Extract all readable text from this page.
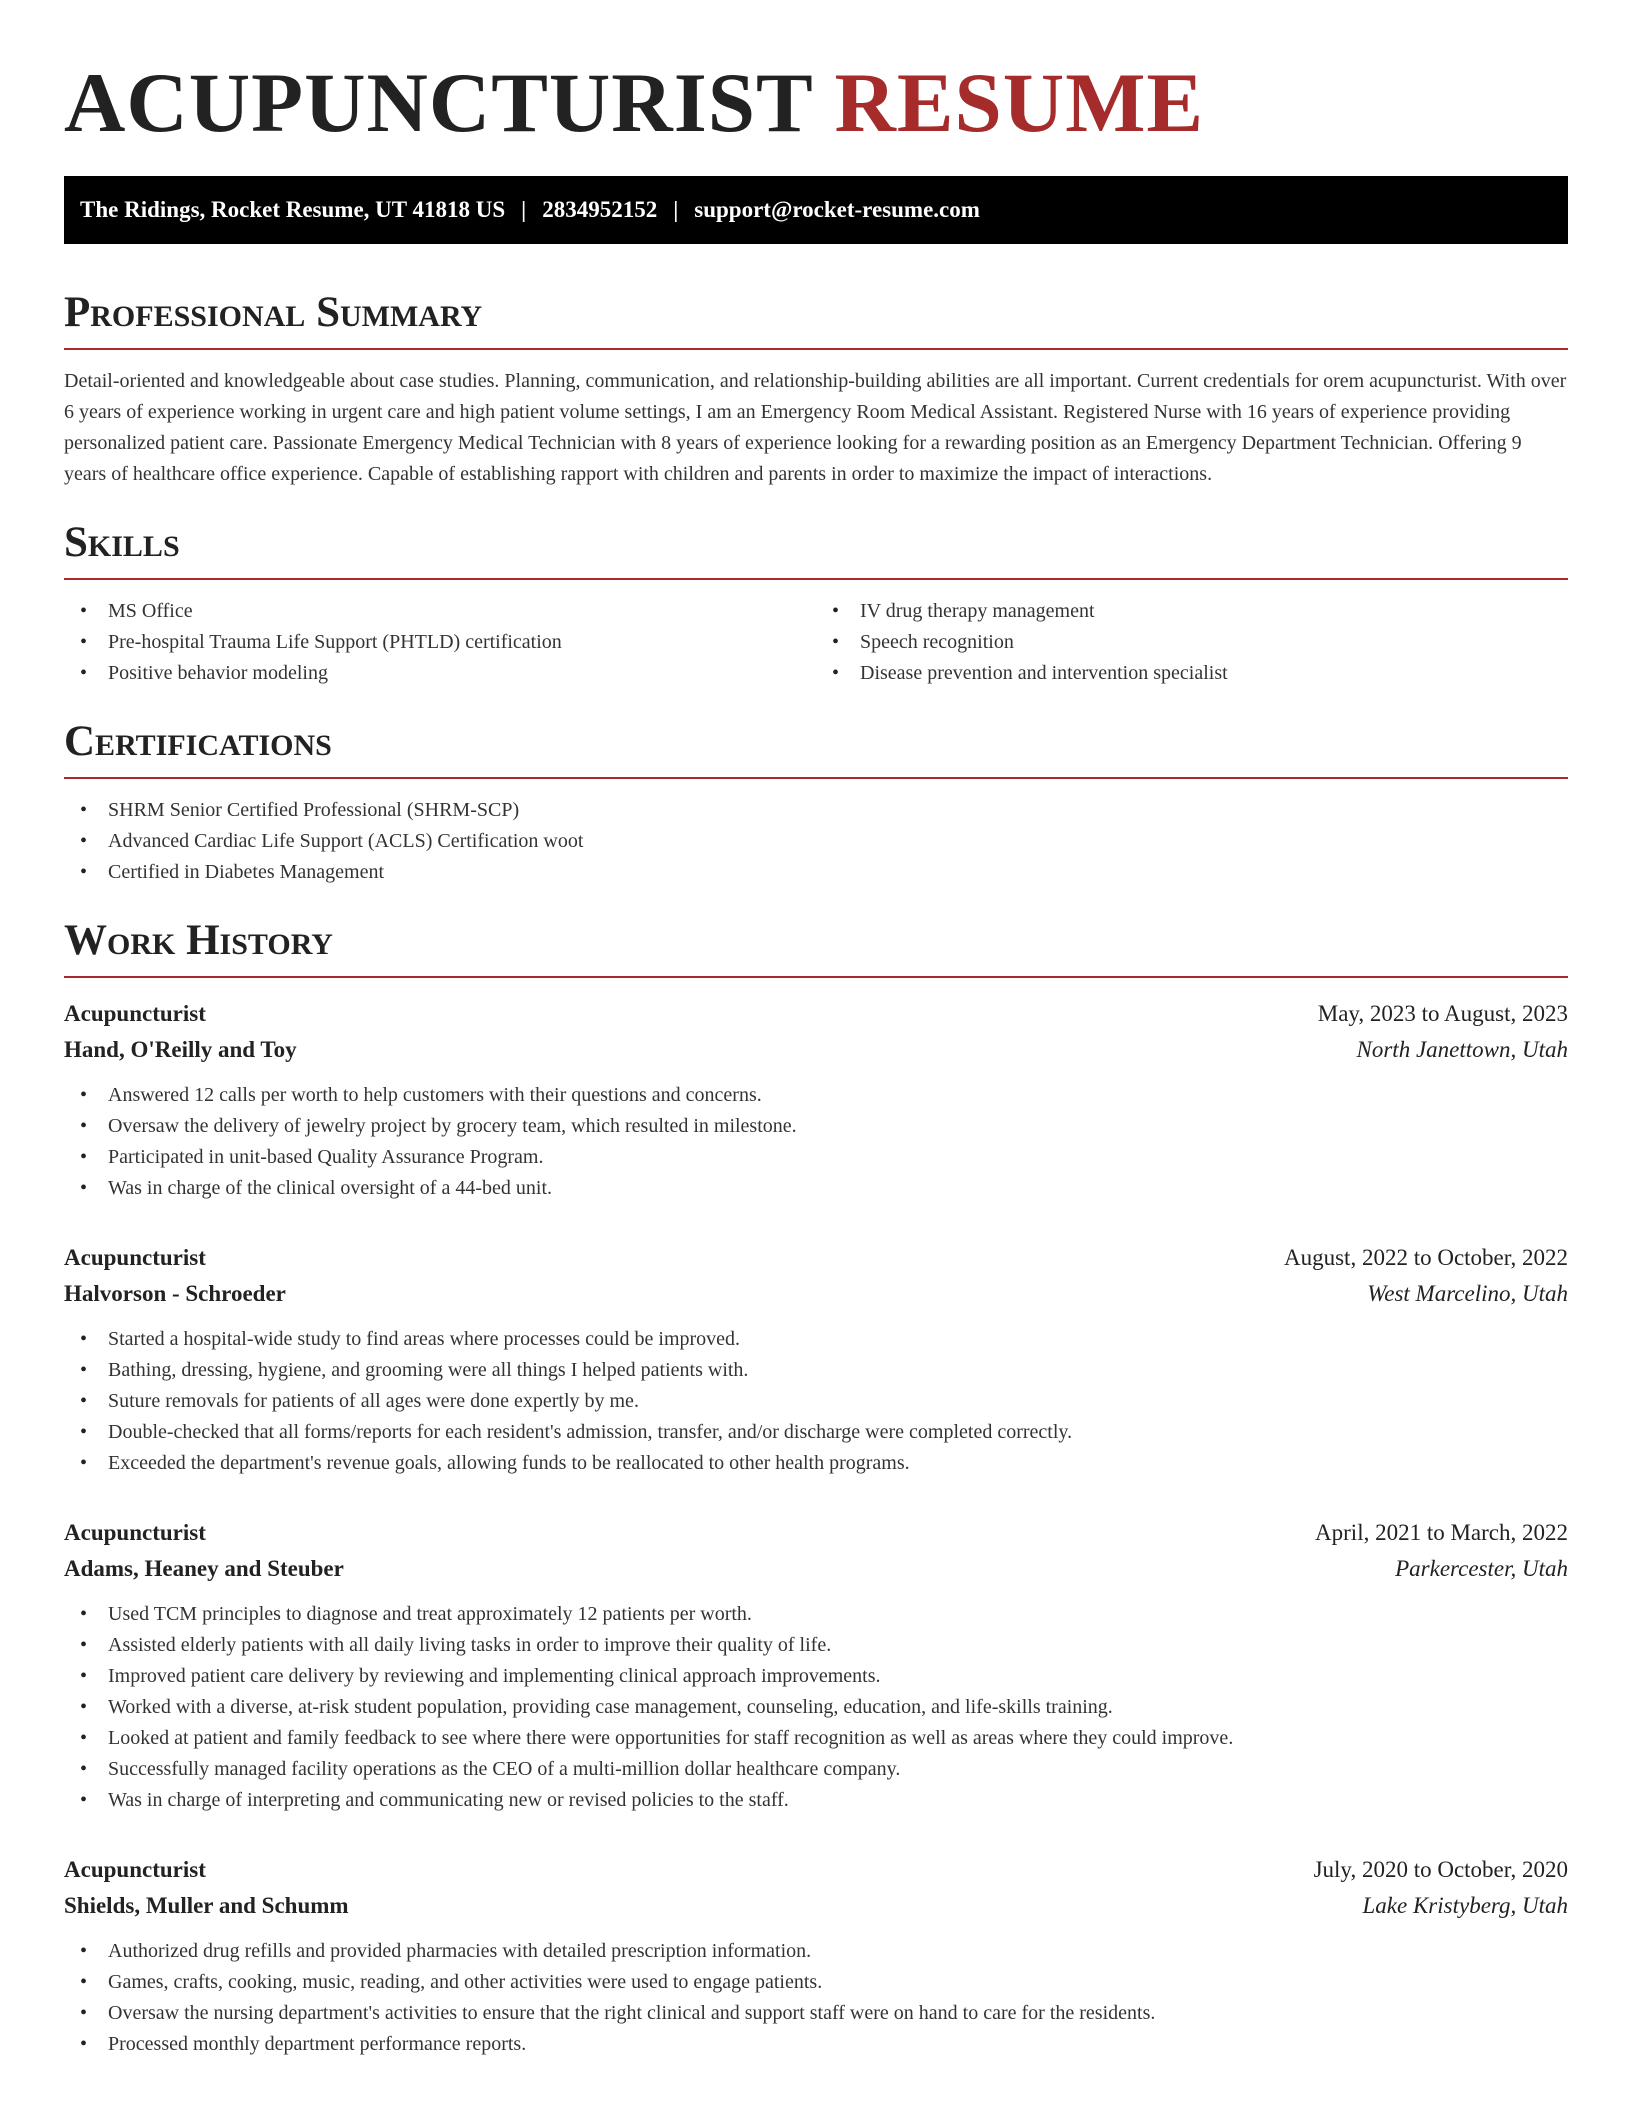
ACUPUNCTURIST RESUME
The Ridings, Rocket Resume, UT 41818 US | 2834952152 | support@rocket-resume.com
Professional Summary

Detail-oriented and knowledgeable about case studies. Planning, communication, and relationship-building abilities are all important. Current credentials for orem acupuncturist. With over 6 years of experience working in urgent care and high patient volume settings, I am an Emergency Room Medical Assistant. Registered Nurse with 16 years of experience providing personalized patient care. Passionate Emergency Medical Technician with 8 years of experience looking for a rewarding position as an Emergency Department Technician. Offering 9 years of healthcare office experience. Capable of establishing rapport with children and parents in order to maximize the impact of interactions.

Skills
• MS Office
• Pre-hospital Trauma Life Support (PHTLD) certification
• Positive behavior modeling
• IV drug therapy management
• Speech recognition
• Disease prevention and intervention specialist
Certifications
• SHRM Senior Certified Professional (SHRM-SCP)
• Advanced Cardiac Life Support (ACLS) Certification woot
• Certified in Diabetes Management
Work History
Acupuncturist	May, 2023 to August, 2023
Hand, O'Reilly and Toy	North Janettown, Utah
• Answered 12 calls per worth to help customers with their questions and concerns.
• Oversaw the delivery of jewelry project by grocery team, which resulted in milestone.
• Participated in unit-based Quality Assurance Program.
• Was in charge of the clinical oversight of a 44-bed unit.
Acupuncturist	August, 2022 to October, 2022
Halvorson - Schroeder	West Marcelino, Utah
• Started a hospital-wide study to find areas where processes could be improved.
• Bathing, dressing, hygiene, and grooming were all things I helped patients with.
• Suture removals for patients of all ages were done expertly by me.
• Double-checked that all forms/reports for each resident's admission, transfer, and/or discharge were completed correctly.
• Exceeded the department's revenue goals, allowing funds to be reallocated to other health programs.
Acupuncturist	April, 2021 to March, 2022
Adams, Heaney and Steuber	Parkercester, Utah
• Used TCM principles to diagnose and treat approximately 12 patients per worth.
• Assisted elderly patients with all daily living tasks in order to improve their quality of life.
• Improved patient care delivery by reviewing and implementing clinical approach improvements.
• Worked with a diverse, at-risk student population, providing case management, counseling, education, and life-skills training.
• Looked at patient and family feedback to see where there were opportunities for staff recognition as well as areas where they could improve.
• Successfully managed facility operations as the CEO of a multi-million dollar healthcare company.
• Was in charge of interpreting and communicating new or revised policies to the staff.
Acupuncturist	July, 2020 to October, 2020
Shields, Muller and Schumm	Lake Kristyberg, Utah
• Authorized drug refills and provided pharmacies with detailed prescription information.
• Games, crafts, cooking, music, reading, and other activities were used to engage patients.
• Oversaw the nursing department's activities to ensure that the right clinical and support staff were on hand to care for the residents.
• Processed monthly department performance reports.
